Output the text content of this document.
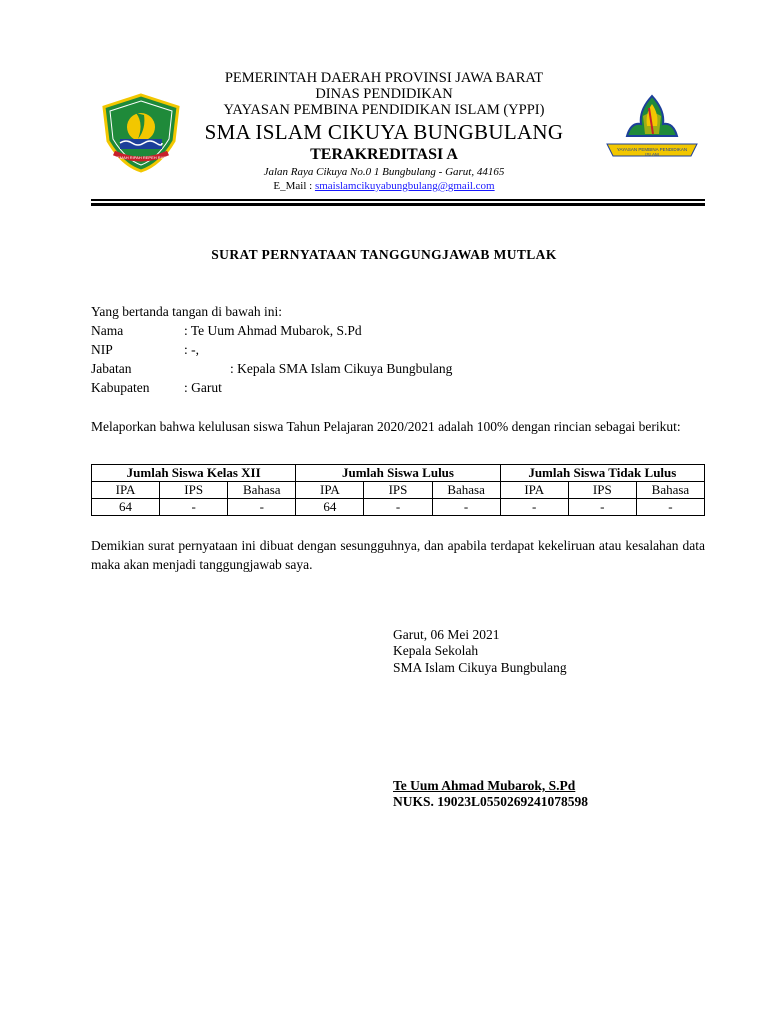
GEMAH RIPAH REPEH RAPIH
YAYASAN PEMBINA PENDIDIKAN ISLAM
PEMERINTAH DAERAH PROVINSI JAWA BARAT
DINAS PENDIDIKAN
YAYASAN PEMBINA PENDIDIKAN ISLAM (YPPI)
SMA ISLAM CIKUYA BUNGBULANG
TERAKREDITASI A
Jalan Raya Cikuya No.0 1 Bungbulang - Garut, 44165
E_Mail : smaislamcikuyabungbulang@gmail.com
SURAT PERNYATAAN TANGGUNGJAWAB MUTLAK
Yang bertanda tangan di bawah ini:
Nama	: Te Uum Ahmad Mubarok, S.Pd
NIP	: -,
Jabatan	: Kepala SMA Islam Cikuya Bungbulang
Kabupaten	: Garut
Melaporkan bahwa kelulusan siswa Tahun Pelajaran 2020/2021 adalah 100% dengan rincian sebagai berikut:
Jumlah Siswa Kelas XII			Jumlah Siswa Lulus			Jumlah Siswa Tidak Lulus		
IPA	IPS	Bahasa	IPA	IPS	Bahasa	IPA	IPS	Bahasa
64	-	-	64	-	-	-	-	-
Demikian surat pernyataan ini dibuat dengan sesungguhnya, dan apabila terdapat kekeliruan atau kesalahan data maka akan menjadi tanggungjawab saya.
Garut, 06 Mei 2021
Kepala Sekolah
SMA Islam Cikuya Bungbulang
Te Uum Ahmad Mubarok, S.Pd
NUKS. 19023L0550269241078598
